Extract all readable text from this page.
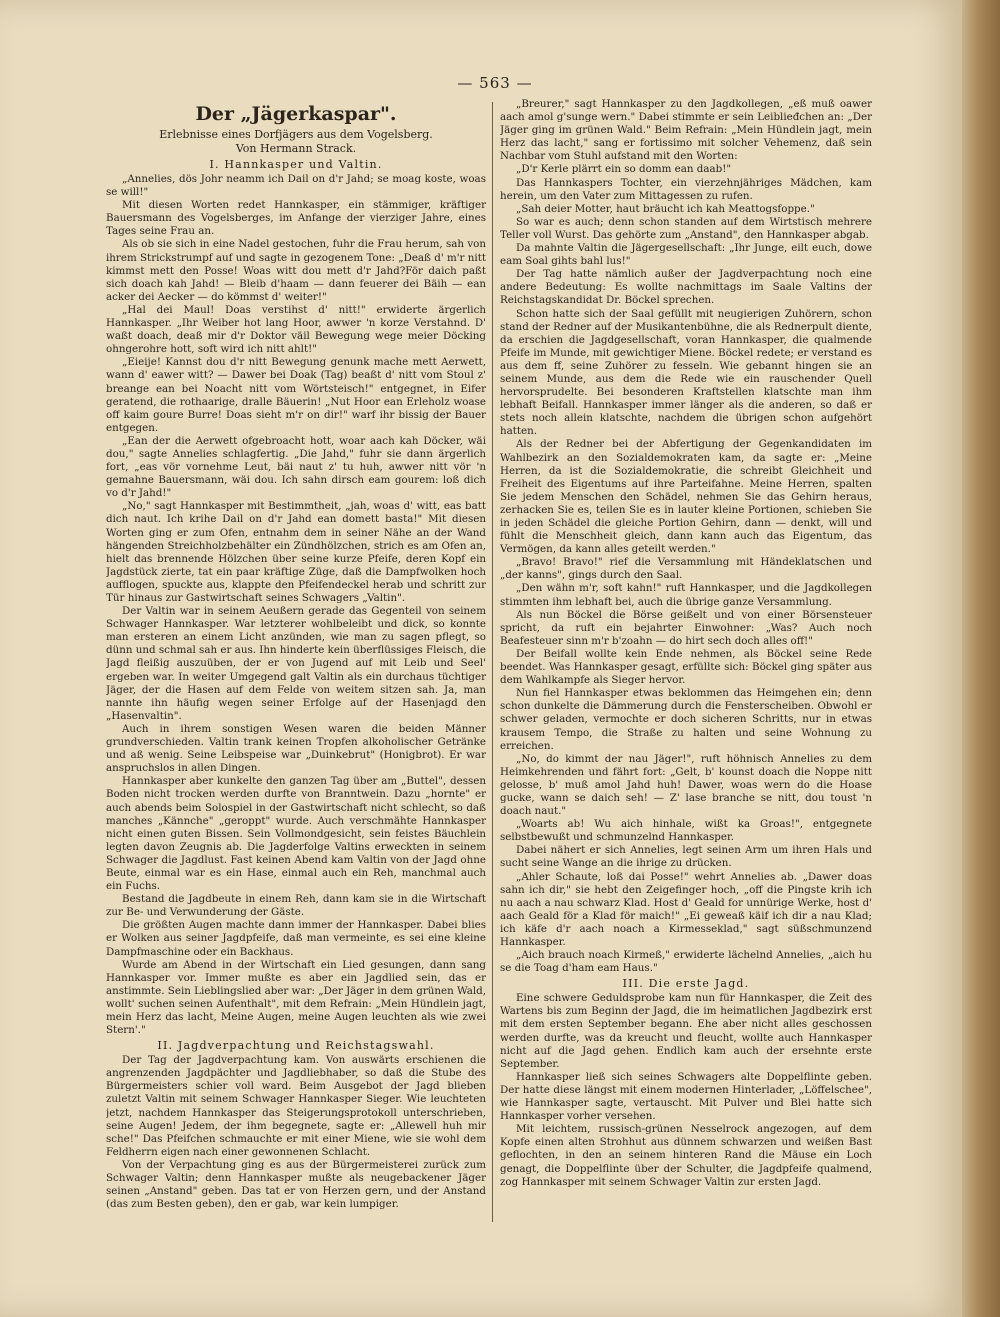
— 563 —
Der „Jägerkaspar".
Erlebnisse eines Dorfjägers aus dem Vogelsberg.
Von Hermann Strack.
I. Hannkasper und Valtin.

„Annelies, dös Johr neamm ich Dail on d'r Jahd; se moag koste, woas se will!"

Mit diesen Worten redet Hannkasper, ein stämmiger, kräftiger Bauersmann des Vogelsberges, im Anfange der vierziger Jahre, eines Tages seine Frau an.

Als ob sie sich in eine Nadel gestochen, fuhr die Frau herum, sah von ihrem Strickstrumpf auf und sagte in gezogenem Tone: „Deaß d' m'r nitt kimmst mett den Posse! Woas witt dou mett d'r Jahd?För daich paßt sich doach kah Jahd! — Bleib d'haam — dann feuerer dei Bäih — ean acker dei Aecker — do kömmst d' weiter!"

„Hal dei Maul! Doas verstihst d' nitt!" erwiderte ärgerlich Hannkasper. „Ihr Weiber hot lang Hoor, awwer 'n korze Verstahnd. D' waßt doach, deaß mir d'r Doktor väil Bewegung wege meier Döcking ohngerohre hott, soft wird ich nitt ahlt!"

„Eieije! Kannst dou d'r nitt Bewegung genunk mache mett Aerwett, wann d' eawer witt? — Dawer bei Doak (Tag) beaßt d' nitt vom Stoul z' breange ean bei Noacht nitt vom Wörtsteisch!" entgegnet, in Eifer geratend, die rothaarige, dralle Bäuerin! „Nut Hoor ean Erleholz woase off kaim goure Burre! Doas sieht m'r on dir!" warf ihr bissig der Bauer entgegen.

„Ean der die Aerwett ofgebroacht hott, woar aach kah Döcker, wäi dou," sagte Annelies schlagfertig. „Die Jahd," fuhr sie dann ärgerlich fort, „eas vör vornehme Leut, bäi naut z' tu huh, awwer nitt vör 'n gemahne Bauersmann, wäi dou. Ich sahn dirsch eam gourem: loß dich vo d'r Jahd!"

„No," sagt Hannkasper mit Bestimmtheit, „jah, woas d' witt, eas batt dich naut. Ich krihe Dail on d'r Jahd ean domett basta!" Mit diesen Worten ging er zum Ofen, entnahm dem in seiner Nähe an der Wand hängenden Streichholzbehälter ein Zündhölzchen, strich es am Ofen an, hielt das brennende Hölzchen über seine kurze Pfeife, deren Kopf ein Jagdstück zierte, tat ein paar kräftige Züge, daß die Dampfwolken hoch aufflogen, spuckte aus, klappte den Pfeifendeckel herab und schritt zur Tür hinaus zur Gastwirtschaft seines Schwagers „Valtin".

Der Valtin war in seinem Aeußern gerade das Gegenteil von seinem Schwager Hannkasper. War letzterer wohlbeleibt und dick, so konnte man ersteren an einem Licht anzünden, wie man zu sagen pflegt, so dünn und schmal sah er aus. Ihn hinderte kein überflüssiges Fleisch, die Jagd fleißig auszuüben, der er von Jugend auf mit Leib und Seel' ergeben war. In weiter Umgegend galt Valtin als ein durchaus tüchtiger Jäger, der die Hasen auf dem Felde von weitem sitzen sah. Ja, man nannte ihn häufig wegen seiner Erfolge auf der Hasenjagd den „Hasenvaltin".

Auch in ihrem sonstigen Wesen waren die beiden Männer grundverschieden. Valtin trank keinen Tropfen alkoholischer Getränke und aß wenig. Seine Leibspeise war „Duinkebrut" (Honigbrot). Er war anspruchslos in allen Dingen.

Hannkasper aber kunkelte den ganzen Tag über am „Buttel", dessen Boden nicht trocken werden durfte von Branntwein. Dazu „hornte" er auch abends beim Solospiel in der Gastwirtschaft nicht schlecht, so daß manches „Kännche" „geroppt" wurde. Auch verschmähte Hannkasper nicht einen guten Bissen. Sein Vollmondgesicht, sein feistes Bäuchlein legten davon Zeugnis ab. Die Jagderfolge Valtins erweckten in seinem Schwager die Jagdlust. Fast keinen Abend kam Valtin von der Jagd ohne Beute, einmal war es ein Hase, einmal auch ein Reh, manchmal auch ein Fuchs.

Bestand die Jagdbeute in einem Reh, dann kam sie in die Wirtschaft zur Be- und Verwunderung der Gäste.

Die größten Augen machte dann immer der Hannkasper. Dabei blies er Wolken aus seiner Jagdpfeife, daß man vermeinte, es sei eine kleine Dampfmaschine oder ein Backhaus.

Wurde am Abend in der Wirtschaft ein Lied gesungen, dann sang Hannkasper vor. Immer mußte es aber ein Jagdlied sein, das er anstimmte. Sein Lieblingslied aber war: „Der Jäger in dem grünen Wald, wollt' suchen seinen Aufenthalt", mit dem Refrain: „Mein Hündlein jagt, mein Herz das lacht, Meine Augen, meine Augen leuchten als wie zwei Stern'."

II. Jagdverpachtung und Reichstagswahl.

Der Tag der Jagdverpachtung kam. Von auswärts erschienen die angrenzenden Jagdpächter und Jagdliebhaber, so daß die Stube des Bürgermeisters schier voll ward. Beim Ausgebot der Jagd blieben zuletzt Valtin mit seinem Schwager Hannkasper Sieger. Wie leuchteten jetzt, nachdem Hannkasper das Steigerungsprotokoll unterschrieben, seine Augen! Jedem, der ihm begegnete, sagte er: „Allewell huh mir sche!" Das Pfeifchen schmauchte er mit einer Miene, wie sie wohl dem Feldherrn eigen nach einer gewonnenen Schlacht.

Von der Verpachtung ging es aus der Bürgermeisterei zurück zum Schwager Valtin; denn Hannkasper mußte als neugebackener Jäger seinen „Anstand" geben. Das tat er von Herzen gern, und der Anstand (das zum Besten geben), den er gab, war kein lumpiger.

„Breurer," sagt Hannkasper zu den Jagdkollegen, „eß muß oawer aach amol g'sunge wern." Dabei stimmte er sein Leiblieđchen an: „Der Jäger ging im grünen Wald." Beim Refrain: „Mein Hündlein jagt, mein Herz das lacht," sang er fortissimo mit solcher Vehemenz, daß sein Nachbar vom Stuhl aufstand mit den Worten:

„D'r Kerle plärrt ein so domm ean daab!"

Das Hannkaspers Tochter, ein vierzehnjähriges Mädchen, kam herein, um den Vater zum Mittagessen zu rufen.

„Sah deier Motter, haut bräucht ich kah Meattogsfoppe."

So war es auch; denn schon standen auf dem Wirtstisch mehrere Teller voll Wurst. Das gehörte zum „Anstand", den Hannkasper abgab.

Da mahnte Valtin die Jägergesellschaft: „Ihr Junge, eilt euch, dowe eam Soal gihts bahl lus!"

Der Tag hatte nämlich außer der Jagdverpachtung noch eine andere Bedeutung: Es wollte nachmittags im Saale Valtins der Reichstagskandidat Dr. Böckel sprechen.

Schon hatte sich der Saal gefüllt mit neugierigen Zuhörern, schon stand der Redner auf der Musikantenbühne, die als Rednerpult diente, da erschien die Jagdgesellschaft, voran Hannkasper, die qualmende Pfeife im Munde, mit gewichtiger Miene. Böckel redete; er verstand es aus dem ff, seine Zuhörer zu fesseln. Wie gebannt hingen sie an seinem Munde, aus dem die Rede wie ein rauschender Quell hervorsprudelte. Bei besonderen Kraftstellen klatschte man ihm lebhaft Beifall. Hannkasper immer länger als die anderen, so daß er stets noch allein klatschte, nachdem die übrigen schon aufgehört hatten.

Als der Redner bei der Abfertigung der Gegenkandidaten im Wahlbezirk an den Sozialdemokraten kam, da sagte er: „Meine Herren, da ist die Sozialdemokratie, die schreibt Gleichheit und Freiheit des Eigentums auf ihre Parteifahne. Meine Herren, spalten Sie jedem Menschen den Schädel, nehmen Sie das Gehirn heraus, zerhacken Sie es, teilen Sie es in lauter kleine Portionen, schieben Sie in jeden Schädel die gleiche Portion Gehirn, dann — denkt, will und fühlt die Menschheit gleich, dann kann auch das Eigentum, das Vermögen, da kann alles geteilt werden."

„Bravo! Bravo!" rief die Versammlung mit Händeklatschen und „der kanns", gings durch den Saal.

„Den wähn m'r, soft kahn!" ruft Hannkasper, und die Jagdkollegen stimmten ihm lebhaft bei, auch die übrige ganze Versammlung.

Als nun Böckel die Börse geißelt und von einer Börsensteuer spricht, da ruft ein bejahrter Einwohner: „Was? Auch noch Beafesteuer sinn m'r b'zoahn — do hirt sech doch alles off!"

Der Beifall wollte kein Ende nehmen, als Böckel seine Rede beendet. Was Hannkasper gesagt, erfüllte sich: Böckel ging später aus dem Wahlkampfe als Sieger hervor.

Nun fiel Hannkasper etwas beklommen das Heimgehen ein; denn schon dunkelte die Dämmerung durch die Fensterscheiben. Obwohl er schwer geladen, vermochte er doch sicheren Schritts, nur in etwas krausem Tempo, die Straße zu halten und seine Wohnung zu erreichen.

„No, do kimmt der nau Jäger!", ruft höhnisch Annelies zu dem Heimkehrenden und fährt fort: „Gelt, b' kounst doach die Noppe nitt gelosse, b' muß amol Jahd huh! Dawer, woas wern do die Hoase gucke, wann se daich seh! — Z' lase branche se nitt, dou toust 'n doach naut."

„Woarts ab! Wu aich hinhale, wißt ka Groas!", entgegnete selbstbewußt und schmunzelnd Hannkasper.

Dabei nähert er sich Annelies, legt seinen Arm um ihren Hals und sucht seine Wange an die ihrige zu drücken.

„Ahler Schaute, loß dai Posse!" wehrt Annelies ab. „Dawer doas sahn ich dir," sie hebt den Zeigefinger hoch, „off die Pingste krih ich nu aach a nau schwarz Klad. Host d' Geald for unnürige Werke, host d' aach Geald för a Klad för maich!" „Ei geweaß käif ich dir a nau Klad; ich käfe d'r aach noach a Kirmesseklad," sagt süßschmunzend Hannkasper.

„Aich brauch noach Kirmeß," erwiderte lächelnd Annelies, „aich hu se die Toag d'ham eam Haus."

III. Die erste Jagd.

Eine schwere Geduldsprobe kam nun für Hannkasper, die Zeit des Wartens bis zum Beginn der Jagd, die im heimatlichen Jagdbezirk erst mit dem ersten September begann. Ehe aber nicht alles geschossen werden durfte, was da kreucht und fleucht, wollte auch Hannkasper nicht auf die Jagd gehen. Endlich kam auch der ersehnte erste September.

Hannkasper ließ sich seines Schwagers alte Doppelflinte geben. Der hatte diese längst mit einem modernen Hinterlader, „Löffelschee", wie Hannkasper sagte, vertauscht. Mit Pulver und Blei hatte sich Hannkasper vorher versehen.

Mit leichtem, russisch-grünen Nesselrock angezogen, auf dem Kopfe einen alten Strohhut aus dünnem schwarzen und weißen Bast geflochten, in den an seinem hinteren Rand die Mäuse ein Loch genagt, die Doppelflinte über der Schulter, die Jagdpfeife qualmend, zog Hannkasper mit seinem Schwager Valtin zur ersten Jagd.
